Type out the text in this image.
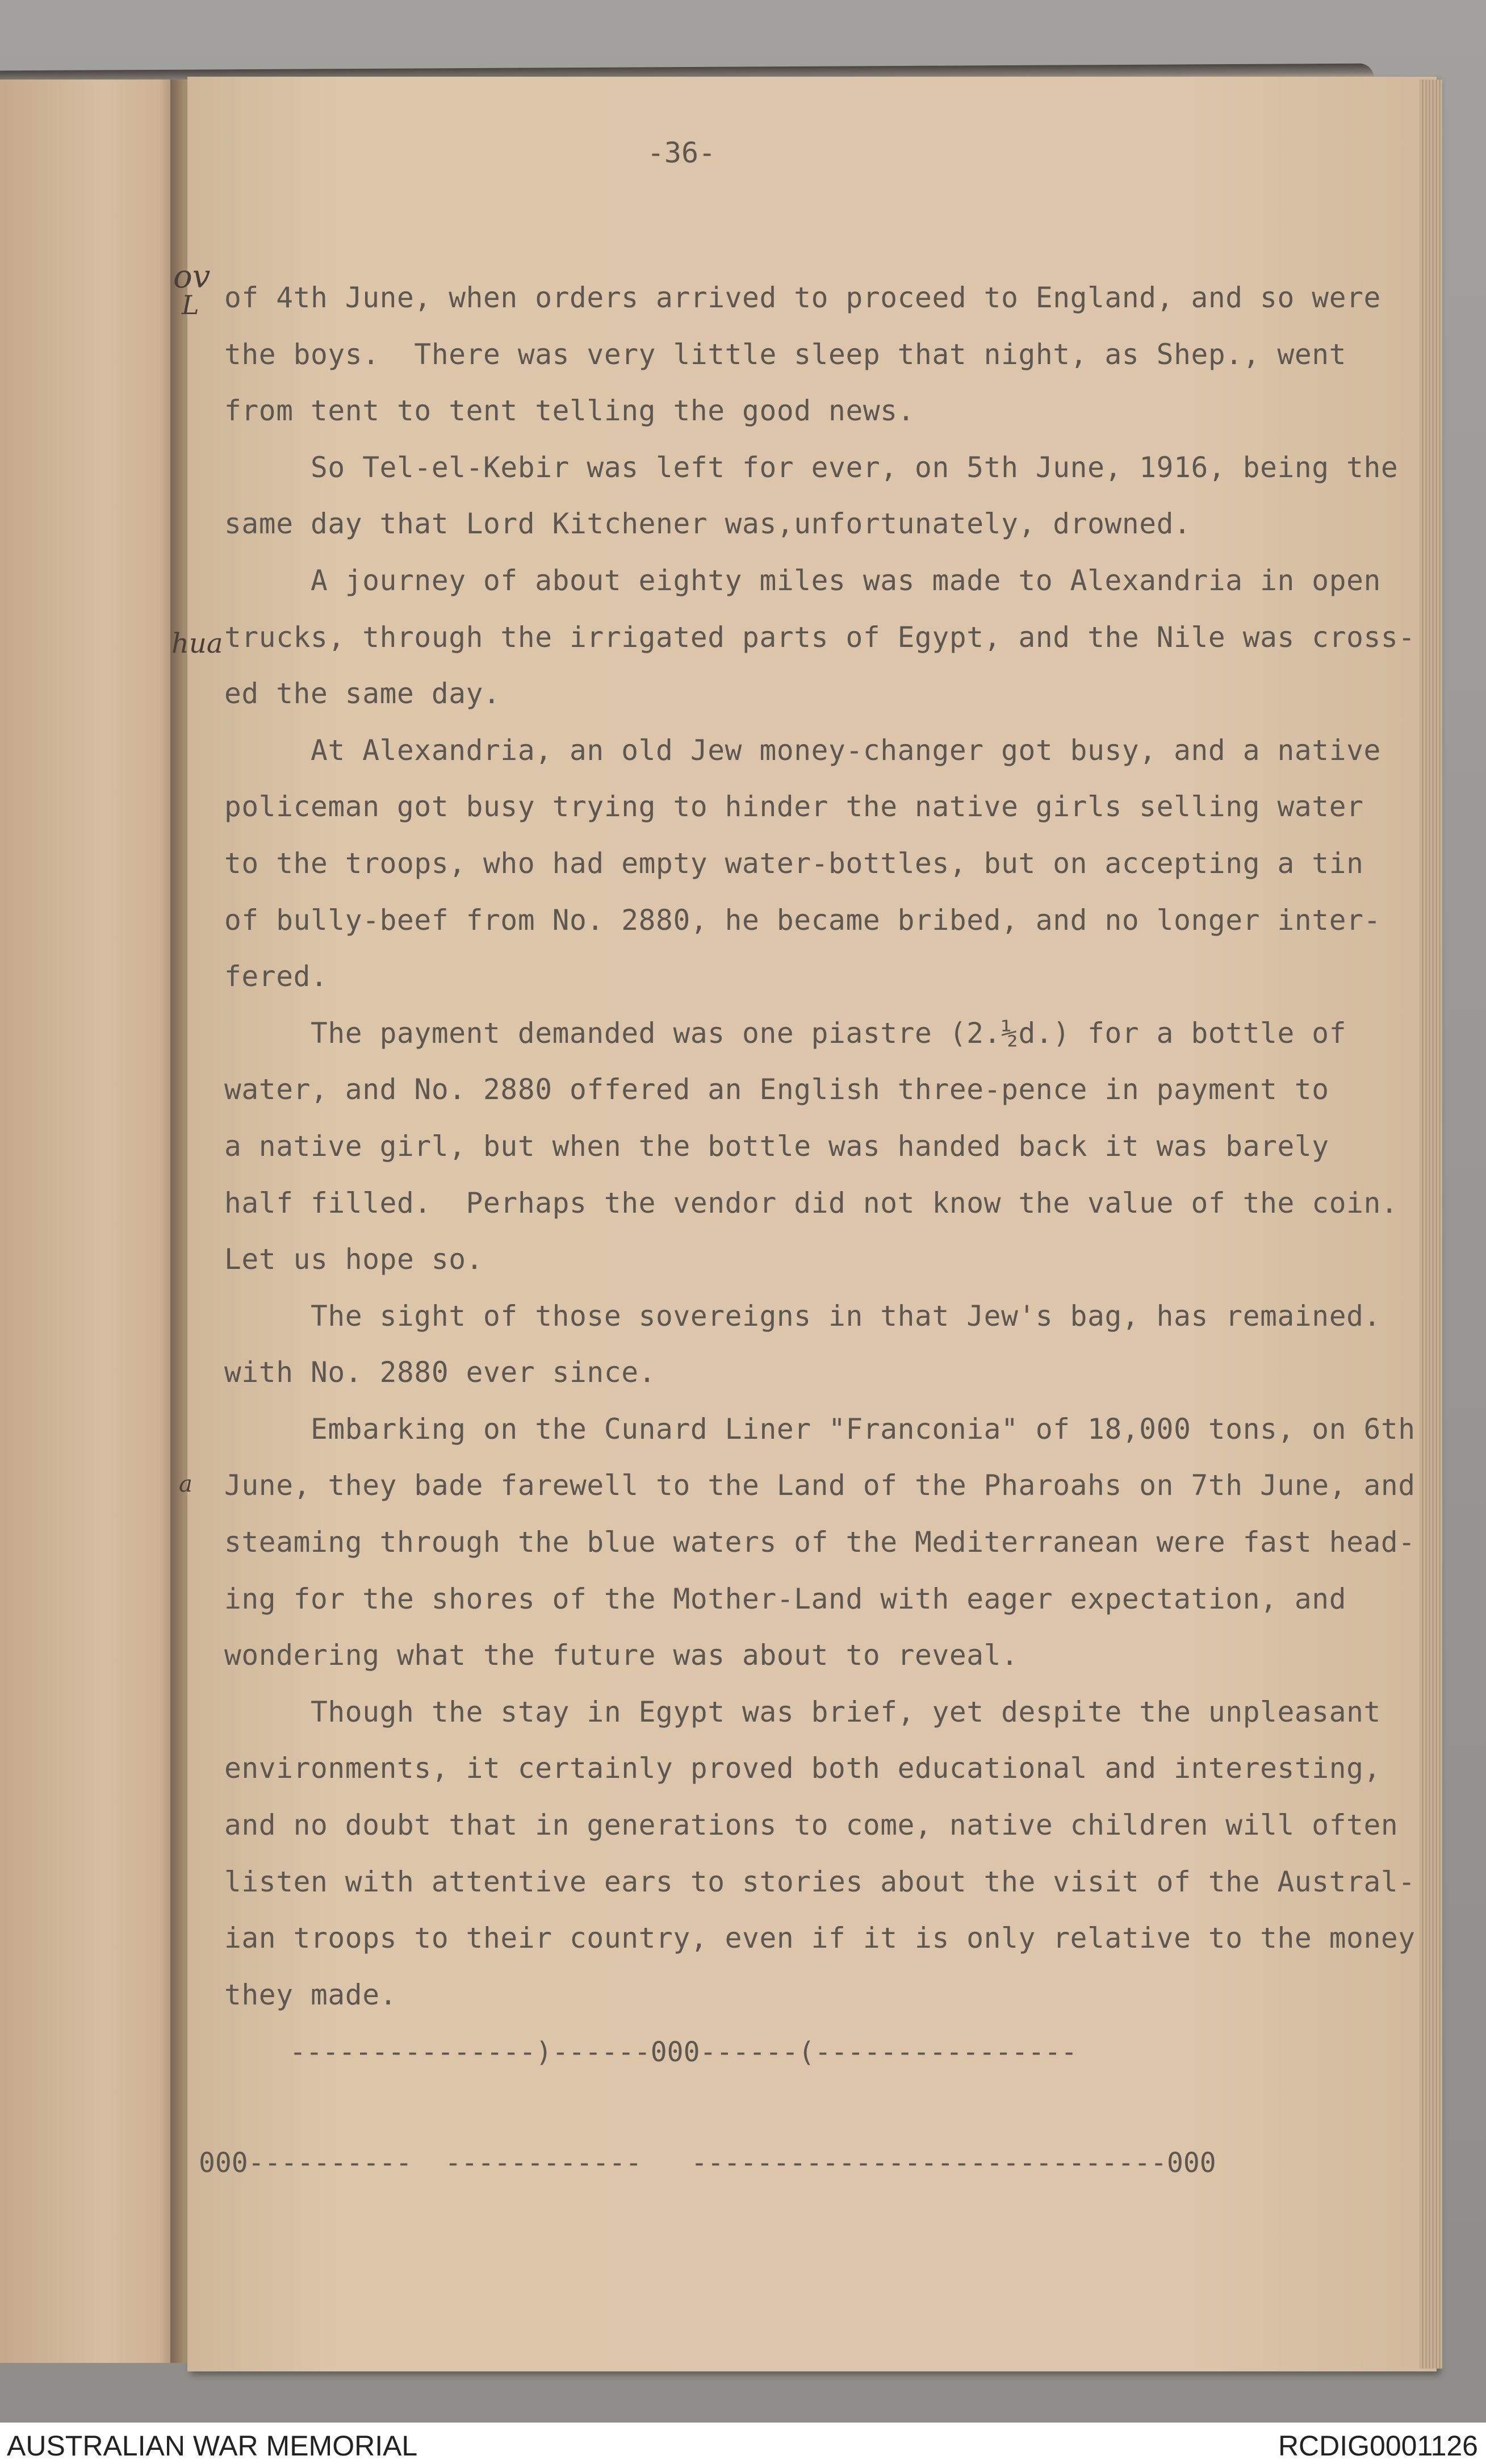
ov
L
hua
a
-36-
of 4th June, when orders arrived to proceed to England, and so were
the boys.  There was very little sleep that night, as Shep., went
from tent to tent telling the good news.
So Tel-el-Kebir was left for ever, on 5th June, 1916, being the
same day that Lord Kitchener was,unfortunately, drowned.
A journey of about eighty miles was made to Alexandria in open
trucks, through the irrigated parts of Egypt, and the Nile was cross-
ed the same day.
At Alexandria, an old Jew money-changer got busy, and a native
policeman got busy trying to hinder the native girls selling water
to the troops, who had empty water-bottles, but on accepting a tin
of bully-beef from No. 2880, he became bribed, and no longer inter-
fered.
The payment demanded was one piastre (2.½d.) for a bottle of
water, and No. 2880 offered an English three-pence in payment to
a native girl, but when the bottle was handed back it was barely
half filled.  Perhaps the vendor did not know the value of the coin.
Let us hope so.
The sight of those sovereigns in that Jew's bag, has remained.
with No. 2880 ever since.
Embarking on the Cunard Liner "Franconia" of 18,000 tons, on 6th
June, they bade farewell to the Land of the Pharoahs on 7th June, and
steaming through the blue waters of the Mediterranean were fast head-
ing for the shores of the Mother-Land with eager expectation, and
wondering what the future was about to reveal.
Though the stay in Egypt was brief, yet despite the unpleasant
environments, it certainly proved both educational and interesting,
and no doubt that in generations to come, native children will often
listen with attentive ears to stories about the visit of the Austral-
ian troops to their country, even if it is only relative to the money
they made.
---------------)------000------(----------------
000----------  ------------   -----------------------------000
AUSTRALIAN WAR MEMORIAL	RCDIG0001126
